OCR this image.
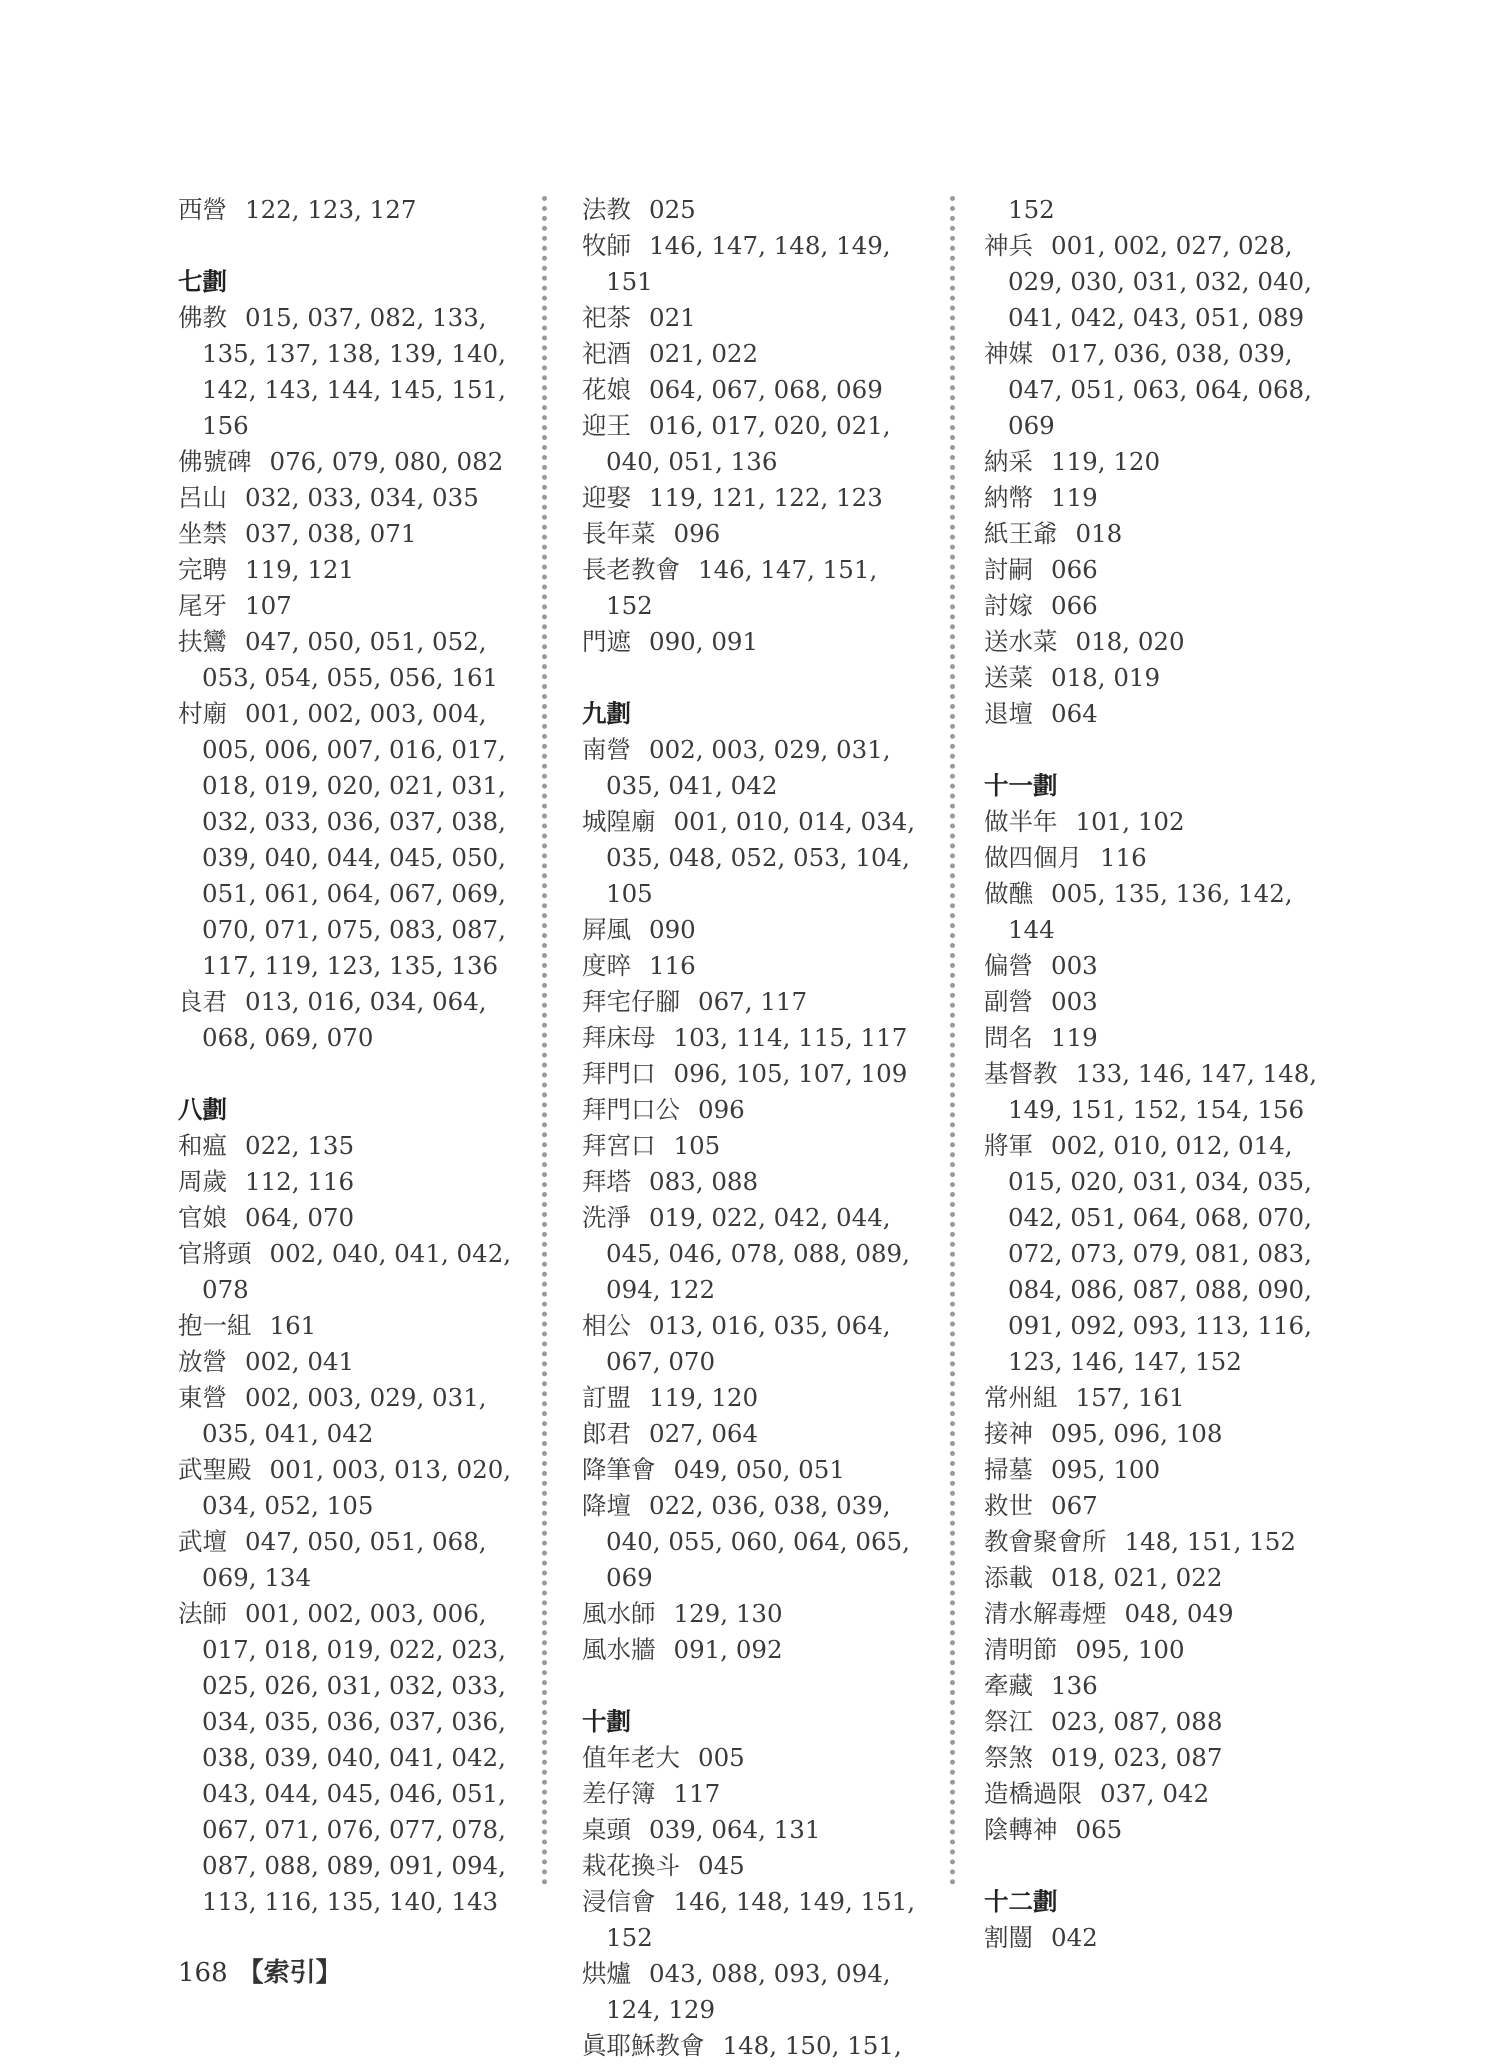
西營 122, 123, 127
七劃
佛教 015, 037, 082, 133, 135, 137, 138, 139, 140, 142, 143, 144, 145, 151, 156
佛號碑 076, 079, 080, 082
呂山 032, 033, 034, 035
坐禁 037, 038, 071
完聘 119, 121
尾牙 107
扶鸞 047, 050, 051, 052, 053, 054, 055, 056, 161
村廟 001, 002, 003, 004, 005, 006, 007, 016, 017, 018, 019, 020, 021, 031, 032, 033, 036, 037, 038, 039, 040, 044, 045, 050, 051, 061, 064, 067, 069, 070, 071, 075, 083, 087, 117, 119, 123, 135, 136
良君 013, 016, 034, 064, 068, 069, 070
八劃
和瘟 022, 135
周歲 112, 116
官娘 064, 070
官將頭 002, 040, 041, 042, 078
抱一組 161
放營 002, 041
東營 002, 003, 029, 031, 035, 041, 042
武聖殿 001, 003, 013, 020, 034, 052, 105
武壇 047, 050, 051, 068, 069, 134
法師 001, 002, 003, 006, 017, 018, 019, 022, 023, 025, 026, 031, 032, 033, 034, 035, 036, 037, 036, 038, 039, 040, 041, 042, 043, 044, 045, 046, 051, 067, 071, 076, 077, 078, 087, 088, 089, 091, 094, 113, 116, 135, 140, 143
法教 025
牧師 146, 147, 148, 149, 151
祀茶 021
祀酒 021, 022
花娘 064, 067, 068, 069
迎王 016, 017, 020, 021, 040, 051, 136
迎娶 119, 121, 122, 123
長年菜 096
長老教會 146, 147, 151, 152
門遮 090, 091
九劃
南營 002, 003, 029, 031, 035, 041, 042
城隍廟 001, 010, 014, 034, 035, 048, 052, 053, 104, 105
屛風 090
度晬 116
拜宅仔腳 067, 117
拜床母 103, 114, 115, 117
拜門口 096, 105, 107, 109
拜門口公 096
拜宮口 105
拜塔 083, 088
洗淨 019, 022, 042, 044, 045, 046, 078, 088, 089, 094, 122
相公 013, 016, 035, 064, 067, 070
訂盟 119, 120
郎君 027, 064
降筆會 049, 050, 051
降壇 022, 036, 038, 039, 040, 055, 060, 064, 065, 069
風水師 129, 130
風水牆 091, 092
十劃
值年老大 005
差仔簿 117
桌頭 039, 064, 131
栽花換斗 045
浸信會 146, 148, 149, 151, 152
烘爐 043, 088, 093, 094, 124, 129
眞耶穌教會 148, 150, 151,
152
神兵 001, 002, 027, 028, 029, 030, 031, 032, 040, 041, 042, 043, 051, 089
神媒 017, 036, 038, 039, 047, 051, 063, 064, 068, 069
納采 119, 120
納幣 119
紙王爺 018
討嗣 066
討嫁 066
送水菜 018, 020
送菜 018, 019
退壇 064
十一劃
做半年 101, 102
做四個月 116
做醮 005, 135, 136, 142, 144
偏營 003
副營 003
問名 119
基督教 133, 146, 147, 148, 149, 151, 152, 154, 156
將軍 002, 010, 012, 014, 015, 020, 031, 034, 035, 042, 051, 064, 068, 070, 072, 073, 079, 081, 083, 084, 086, 087, 088, 090, 091, 092, 093, 113, 116, 123, 146, 147, 152
常州組 157, 161
接神 095, 096, 108
掃墓 095, 100
救世 067
教會聚會所 148, 151, 152
添載 018, 021, 022
清水解毒煙 048, 049
清明節 095, 100
牽藏 136
祭江 023, 087, 088
祭煞 019, 023, 087
造橋過限 037, 042
陰轉神 065
十二劃
割闓 042
168 【索引】
